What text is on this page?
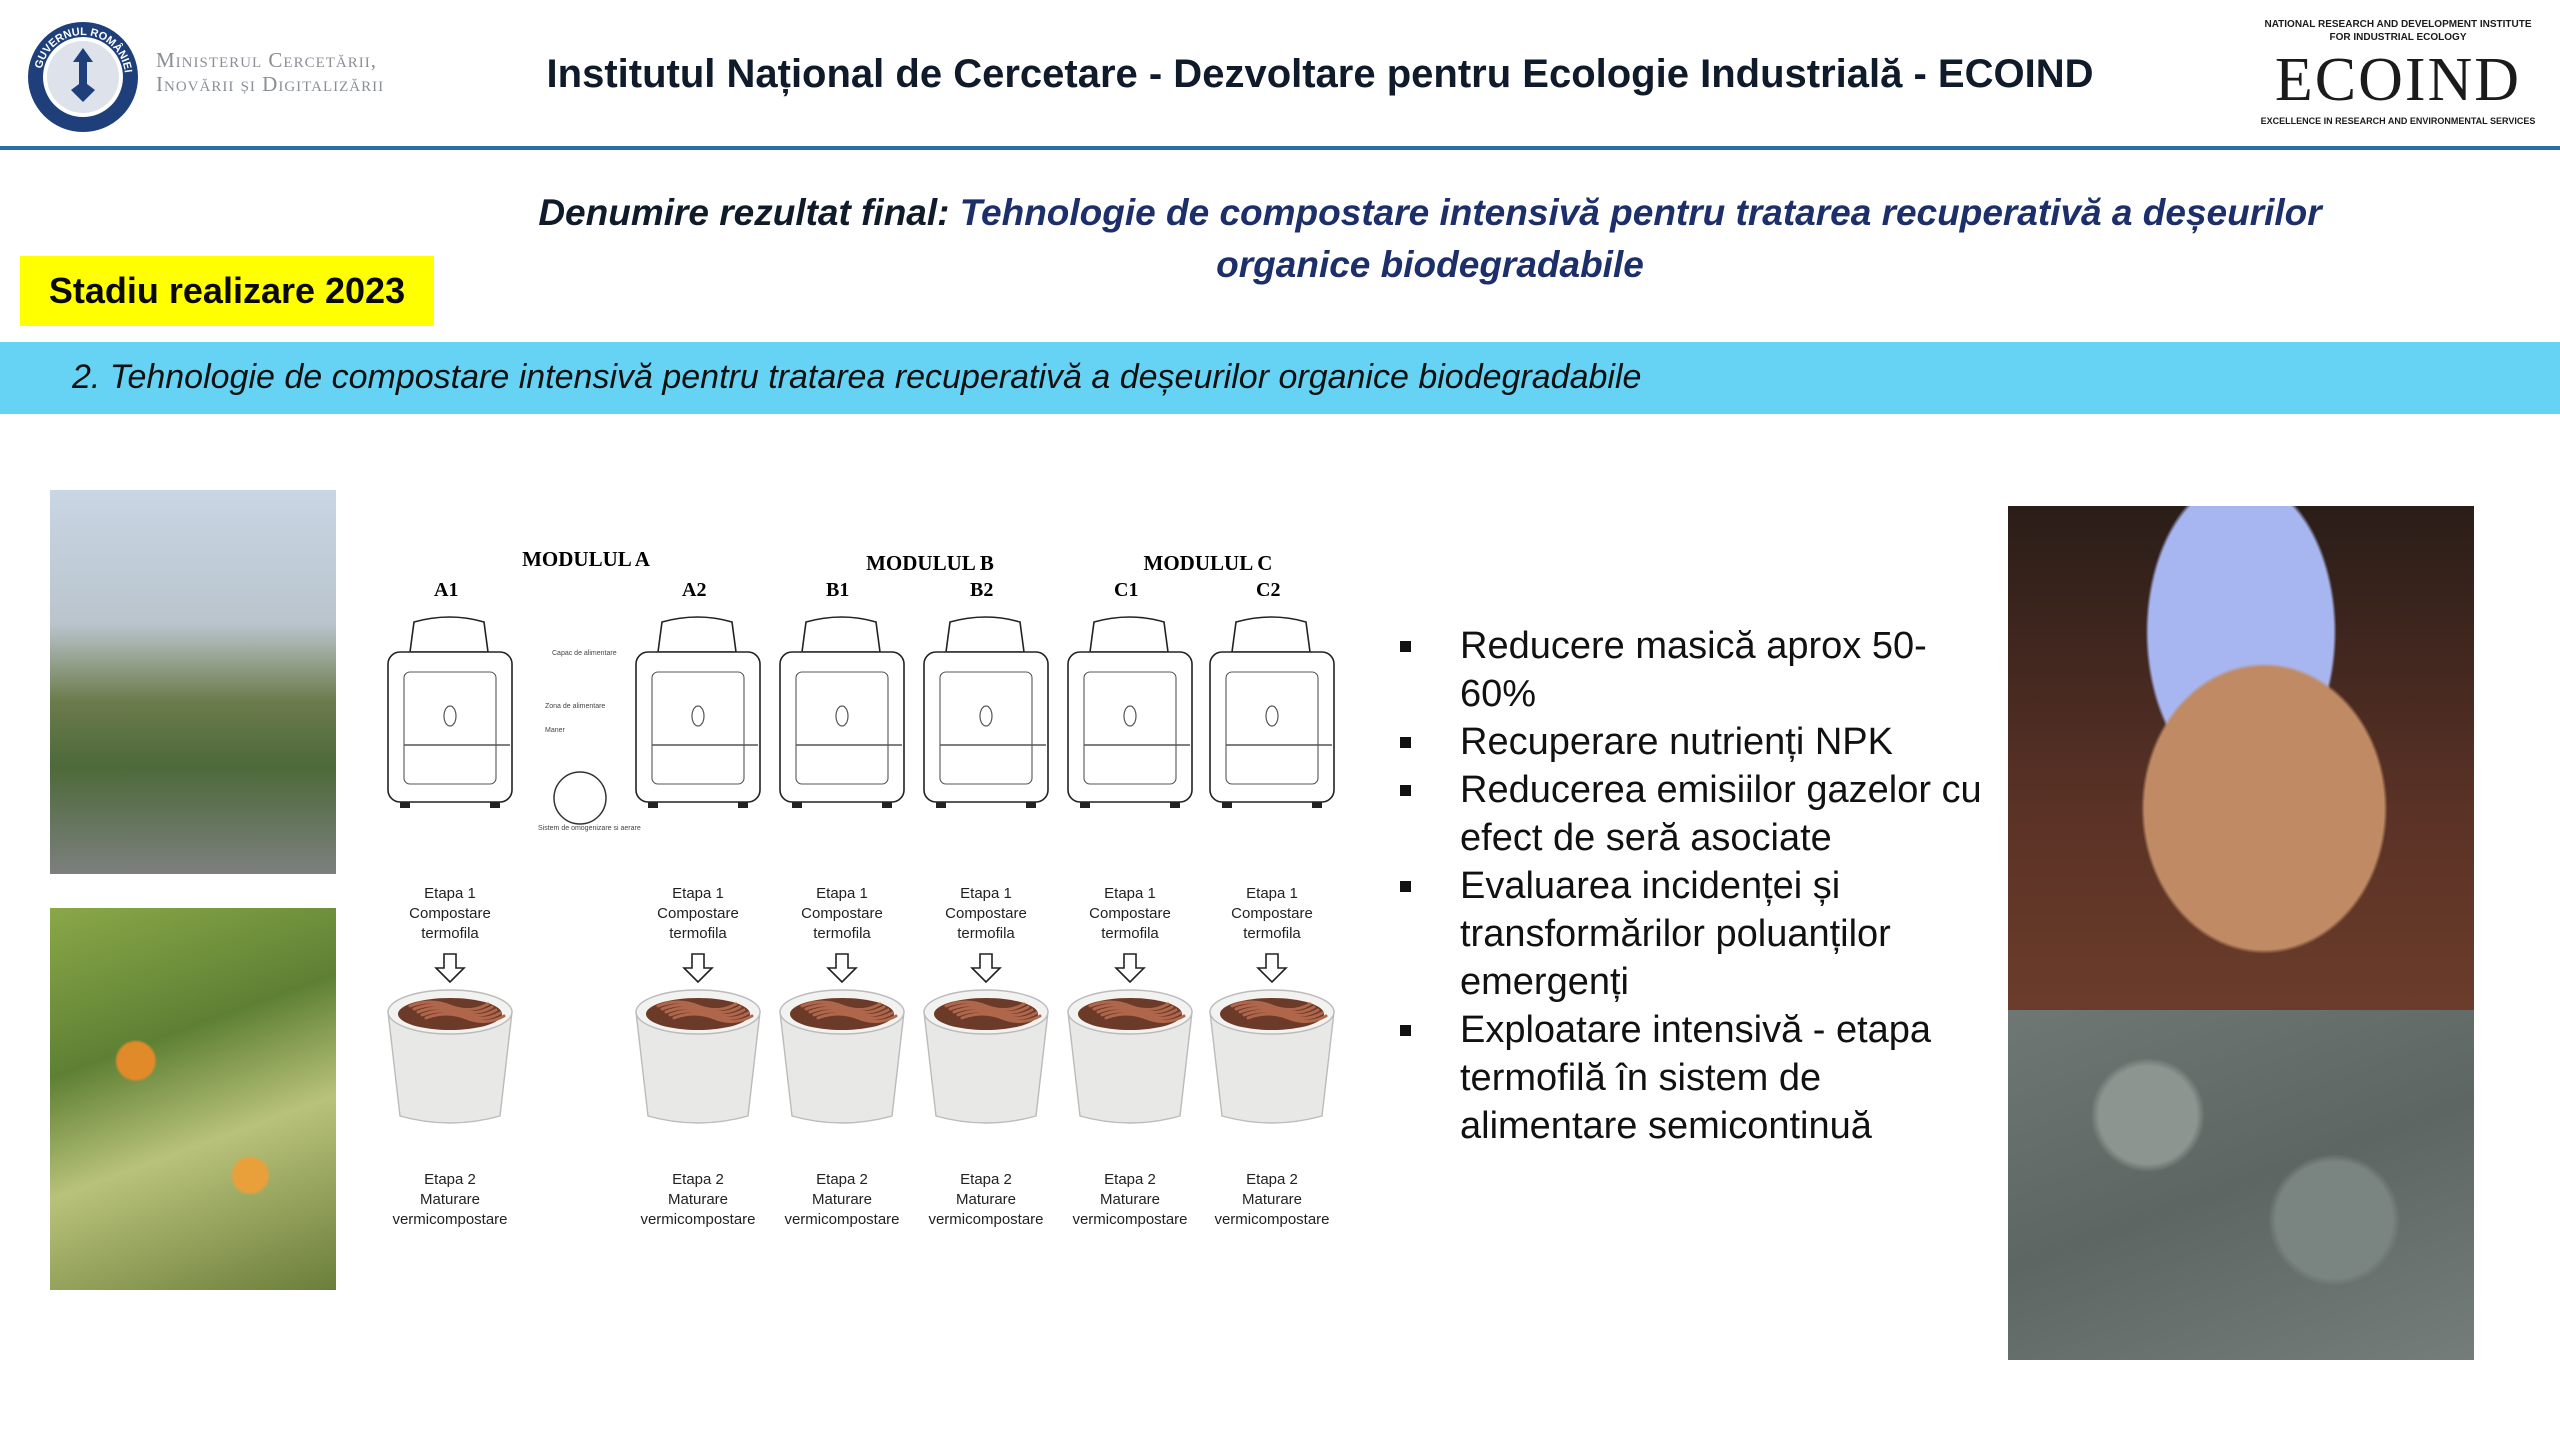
GUVERNUL ROMÂNIEI Ministerul Cercetării, Inovării și Digitalizării	Institutul Național de Cercetare - Dezvoltare pentru Ecologie Industrială - ECOIND
NATIONAL RESEARCH AND DEVELOPMENT INSTITUTE FOR INDUSTRIAL ECOLOGY
ECOIND
EXCELLENCE IN RESEARCH AND ENVIRONMENTAL SERVICES
Denumire rezultat final: Tehnologie de compostare intensivă pentru tratarea recuperativă a deșeurilor
organice biodegradabile
Stadiu realizare 2023
2. Tehnologie de compostare intensivă pentru tratarea recuperativă a deșeurilor organice biodegradabile
MODULUL A	MODULUL B	MODULUL C
A1
Etapa 1
Compostare
termofila
Etapa 2
Maturare
vermicompostare
A2
Etapa 1
Compostare
termofila
Etapa 2
Maturare
vermicompostare
B1
Etapa 1
Compostare
termofila
Etapa 2
Maturare
vermicompostare
B2
Etapa 1
Compostare
termofila
Etapa 2
Maturare
vermicompostare
C1
Etapa 1
Compostare
termofila
Etapa 2
Maturare
vermicompostare
C2
Etapa 1
Compostare
termofila
Etapa 2
Maturare
vermicompostare
Capac de alimentare
Zona de alimentare
Maner
Sistem de omogenizare si aerare
Reducere masică aprox 50-60%
Recuperare nutrienți NPK
Reducerea emisiilor gazelor cu efect de seră asociate
Evaluarea incidenței și transformărilor poluanților emergenți
Exploatare intensivă - etapa termofilă în sistem de alimentare semicontinuă
